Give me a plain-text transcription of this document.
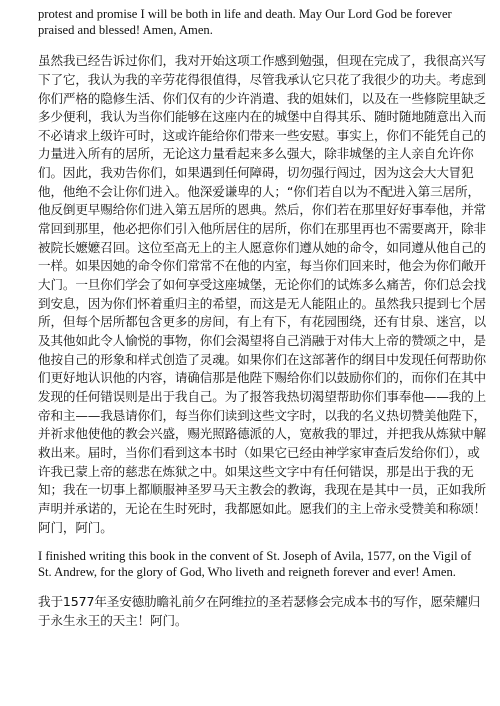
protest and promise I will be both in life and death. May Our Lord God be forever praised and blessed! Amen, Amen.

虽然我已经告诉过你们，我对开始这项工作感到勉强，但现在完成了，我很高兴写下了它，我认为我的辛劳花得很值得，尽管我承认它只花了我很少的功夫。考虑到你们严格的隐修生活、你们仅有的少许消遣、我的姐妹们，以及在一些修院里缺乏多少便利，我认为当你们能够在这座内在的城堡中自得其乐、随时随地随意出入而不必请求上级许可时，这或许能给你们带来一些安慰。事实上，你们不能凭自己的力量进入所有的居所，无论这力量看起来多么强大，除非城堡的主人亲自允许你们。因此，我劝告你们，如果遇到任何障碍，切勿强行闯过，因为这会大大冒犯他，他绝不会让你们进入。他深爱谦卑的人；“你们若自以为不配进入第三居所，他反倒更早赐给你们进入第五居所的恩典。然后，你们若在那里好好事奉他，并常常回到那里，他必把你们引入他所居住的居所，你们在那里再也不需要离开，除非被院长嬷嬷召回。这位至高无上的主人愿意你们遵从她的命令，如同遵从他自己的一样。如果因她的命令你们常常不在他的内室，每当你们回来时，他会为你们敞开大门。一旦你们学会了如何享受这座城堡，无论你们的试炼多么痛苦，你们总会找到安息，因为你们怀着重归主的希望，而这是无人能阻止的。虽然我只提到七个居所，但每个居所都包含更多的房间，有上有下，有花园围绕，还有甘泉、迷宫，以及其他如此令人愉悦的事物，你们会渴望将自己消融于对伟大上帝的赞颂之中，是他按自己的形象和样式创造了灵魂。如果你们在这部著作的纲目中发现任何帮助你们更好地认识他的内容，请确信那是他陛下赐给你们以鼓励你们的，而你们在其中发现的任何错误则是出于我自己。为了报答我热切渴望帮助你们事奉他——我的上帝和主——我恳请你们，每当你们读到这些文字时，以我的名义热切赞美他陛下，并祈求他使他的教会兴盛，赐光照路德派的人，宽赦我的罪过，并把我从炼狱中解救出来。届时，当你们看到这本书时（如果它已经由神学家审查后发给你们），或许我已蒙上帝的慈悲在炼狱之中。如果这些文字中有任何错误，那是出于我的无知；我在一切事上都顺服神圣罗马天主教会的教诲，我现在是其中一员，正如我所声明并承诺的，无论在生时死时，我都愿如此。愿我们的主上帝永受赞美和称颂！阿门，阿门。

I finished writing this book in the convent of St. Joseph of Avila, 1577, on the Vigil of St. Andrew, for the glory of God, Who liveth and reigneth forever and ever! Amen.

我于1577年圣安德肋瞻礼前夕在阿维拉的圣若瑟修会完成本书的写作，愿荣耀归于永生永王的天主！阿门。
